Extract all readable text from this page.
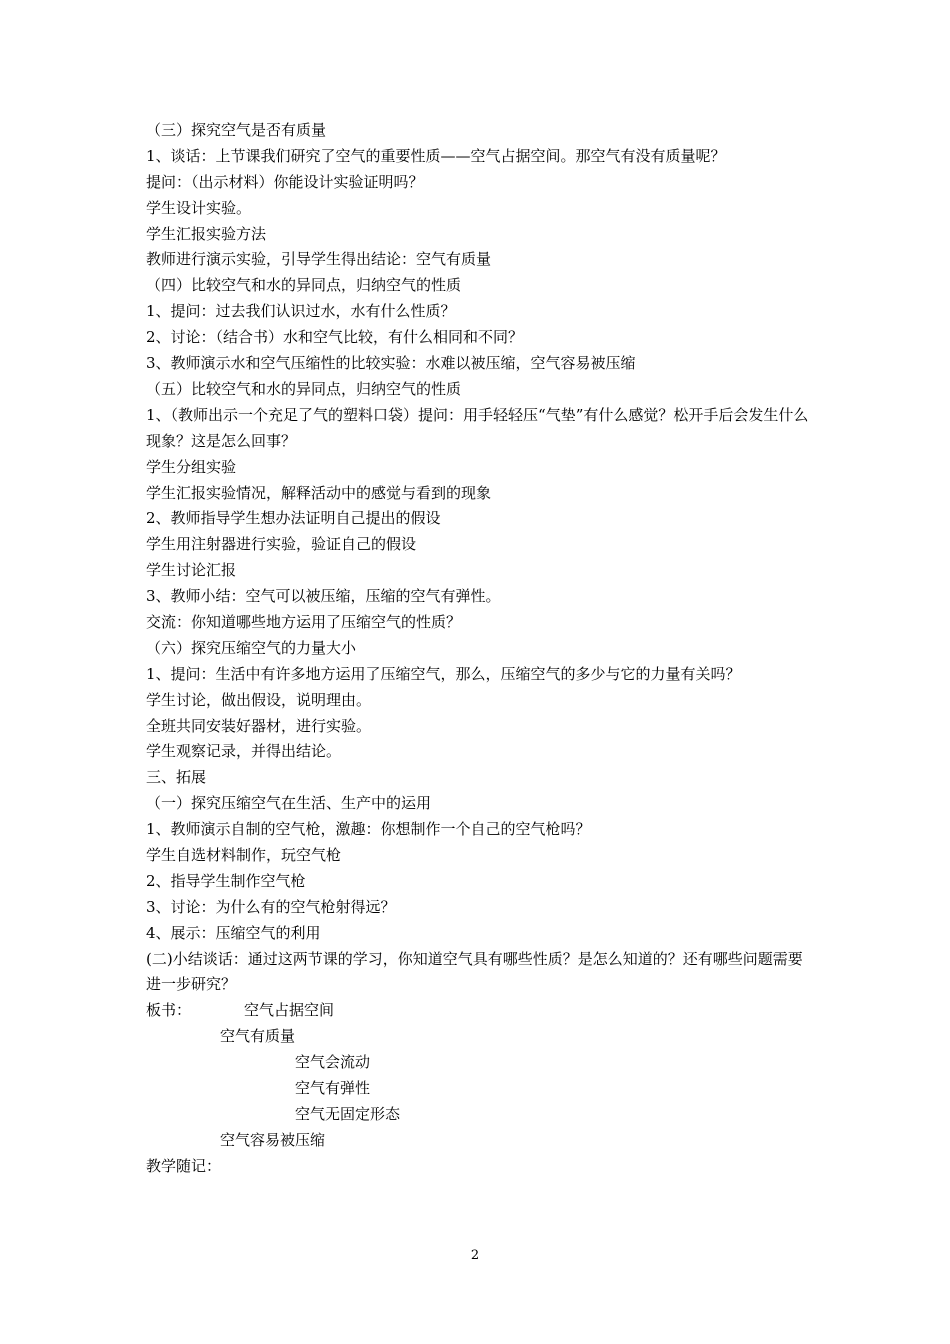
（三）探究空气是否有质量
1、谈话：上节课我们研究了空气的重要性质——空气占据空间。那空气有没有质量呢？
提问：（出示材料）你能设计实验证明吗？
学生设计实验。
学生汇报实验方法
教师进行演示实验，引导学生得出结论：空气有质量
（四）比较空气和水的异同点，归纳空气的性质
1、提问：过去我们认识过水，水有什么性质？
2、讨论：（结合书）水和空气比较，有什么相同和不同？
3、教师演示水和空气压缩性的比较实验：水难以被压缩，空气容易被压缩
（五）比较空气和水的异同点，归纳空气的性质
1、（教师出示一个充足了气的塑料口袋）提问：用手轻轻压“气垫”有什么感觉？松开手后会发生什么现象？这是怎么回事？
学生分组实验
学生汇报实验情况，解释活动中的感觉与看到的现象
2、教师指导学生想办法证明自己提出的假设
学生用注射器进行实验，验证自己的假设
学生讨论汇报
3、教师小结：空气可以被压缩，压缩的空气有弹性。
交流：你知道哪些地方运用了压缩空气的性质？
（六）探究压缩空气的力量大小
1、提问：生活中有许多地方运用了压缩空气，那么，压缩空气的多少与它的力量有关吗？
学生讨论，做出假设，说明理由。
全班共同安装好器材，进行实验。
学生观察记录，并得出结论。
三、拓展
（一）探究压缩空气在生活、生产中的运用
1、教师演示自制的空气枪，激趣：你想制作一个自己的空气枪吗？
学生自选材料制作，玩空气枪
2、指导学生制作空气枪
3、讨论：为什么有的空气枪射得远？
4、展示：压缩空气的利用
(二)小结谈话：通过这两节课的学习，你知道空气具有哪些性质？是怎么知道的？还有哪些问题需要进一步研究？
板书：	空气占据空间
空气有质量
空气会流动
空气有弹性
空气无固定形态
空气容易被压缩
教学随记：
2
